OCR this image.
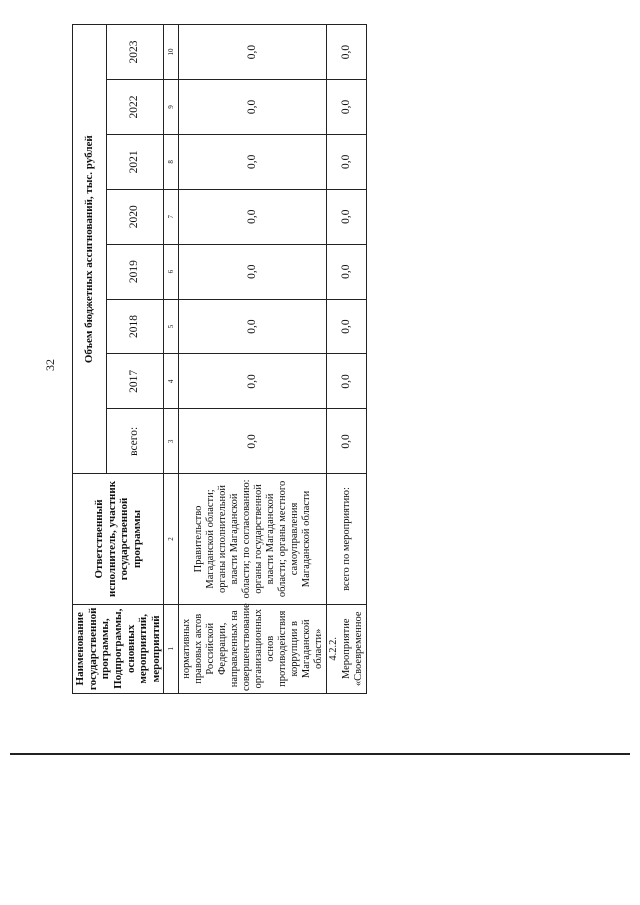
32
Наименование государственной программы, Подпрограммы, основных мероприятий, мероприятий	Ответственный исполнитель, участник государственной программы	Объем бюджетных ассигнований, тыс. рублей							
		всего:	2017	2018	2019	2020	2021	2022	2023
1	2	3	4	5	6	7	8	9	10
нормативных правовых актов Российской Федерации, направленных на совершенствование организационных основ противодействия коррупции в Магаданской области»	Правительство Магаданской области; органы исполнительной власти Магаданской области; по согласованию: органы государственной власти Магаданской области; органы местного самоуправления Магаданской области	0,0	0,0	0,0	0,0	0,0	0,0	0,0	0,0
4.2.2. Мероприятие «Своевременное	всего по мероприятию:	0,0	0,0	0,0	0,0	0,0	0,0	0,0	0,0
